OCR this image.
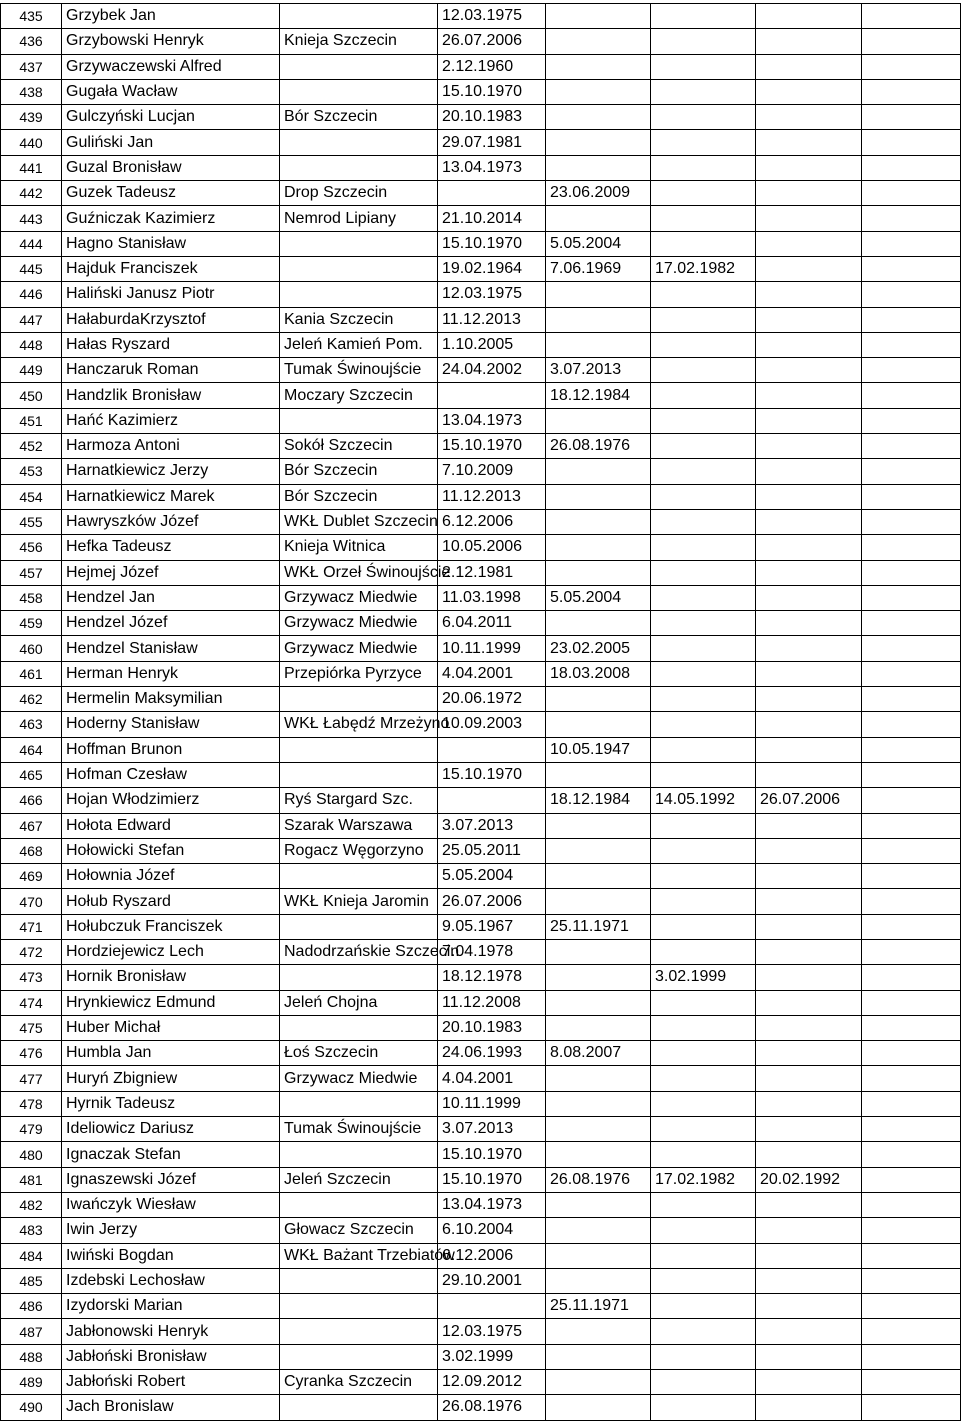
435	Grzybek Jan		12.03.1975				
436	Grzybowski Henryk	Knieja Szczecin	26.07.2006				
437	Grzywaczewski Alfred		2.12.1960				
438	Gugała Wacław		15.10.1970				
439	Gulczyński Lucjan	Bór Szczecin	20.10.1983				
440	Guliński Jan		29.07.1981				
441	Guzal Bronisław		13.04.1973				
442	Guzek Tadeusz	Drop Szczecin		23.06.2009			
443	Guźniczak Kazimierz	Nemrod Lipiany	21.10.2014				
444	Hagno Stanisław		15.10.1970	5.05.2004			
445	Hajduk Franciszek		19.02.1964	7.06.1969	17.02.1982		
446	Haliński Janusz Piotr		12.03.1975				
447	HałaburdaKrzysztof	Kania Szczecin	11.12.2013				
448	Hałas Ryszard	Jeleń Kamień Pom.	1.10.2005				
449	Hanczaruk Roman	Tumak Świnoujście	24.04.2002	3.07.2013			
450	Handzlik Bronisław	Moczary Szczecin		18.12.1984			
451	Hańć Kazimierz		13.04.1973				
452	Harmoza Antoni	Sokół Szczecin	15.10.1970	26.08.1976			
453	Harnatkiewicz Jerzy	Bór Szczecin	7.10.2009				
454	Harnatkiewicz Marek	Bór Szczecin	11.12.2013				
455	Hawryszków Józef	WKŁ Dublet Szczecin	6.12.2006				
456	Hefka Tadeusz	Knieja Witnica	10.05.2006				
457	Hejmej Józef	WKŁ Orzeł Świnoujście	2.12.1981				
458	Hendzel Jan	Grzywacz Miedwie	11.03.1998	5.05.2004			
459	Hendzel Józef	Grzywacz Miedwie	6.04.2011				
460	Hendzel Stanisław	Grzywacz Miedwie	10.11.1999	23.02.2005			
461	Herman Henryk	Przepiórka Pyrzyce	4.04.2001	18.03.2008			
462	Hermelin Maksymilian		20.06.1972				
463	Hoderny Stanisław	WKŁ Łabędź Mrzeżyno	10.09.2003				
464	Hoffman Brunon			10.05.1947			
465	Hofman Czesław		15.10.1970				
466	Hojan Włodzimierz	Ryś Stargard Szc.		18.12.1984	14.05.1992	26.07.2006	
467	Hołota Edward	Szarak Warszawa	3.07.2013				
468	Hołowicki Stefan	Rogacz Węgorzyno	25.05.2011				
469	Hołownia Józef		5.05.2004				
470	Hołub Ryszard	WKŁ Knieja Jaromin	26.07.2006				
471	Hołubczuk Franciszek		9.05.1967	25.11.1971			
472	Hordziejewicz Lech	Nadodrzańskie Szczecin	7.04.1978				
473	Hornik Bronisław		18.12.1978		3.02.1999		
474	Hrynkiewicz Edmund	Jeleń Chojna	11.12.2008				
475	Huber Michał		20.10.1983				
476	Humbla Jan	Łoś Szczecin	24.06.1993	8.08.2007			
477	Huryń Zbigniew	Grzywacz Miedwie	4.04.2001				
478	Hyrnik Tadeusz		10.11.1999				
479	Ideliowicz Dariusz	Tumak Świnoujście	3.07.2013				
480	Ignaczak Stefan		15.10.1970				
481	Ignaszewski Józef	Jeleń Szczecin	15.10.1970	26.08.1976	17.02.1982	20.02.1992	
482	Iwańczyk Wiesław		13.04.1973				
483	Iwin Jerzy	Głowacz Szczecin	6.10.2004				
484	Iwiński Bogdan	WKŁ Bażant Trzebiatów	6.12.2006				
485	Izdebski Lechosław		29.10.2001				
486	Izydorski Marian			25.11.1971			
487	Jabłonowski Henryk		12.03.1975				
488	Jabłoński Bronisław		3.02.1999				
489	Jabłoński Robert	Cyranka Szczecin	12.09.2012				
490	Jach Bronislaw		26.08.1976				
